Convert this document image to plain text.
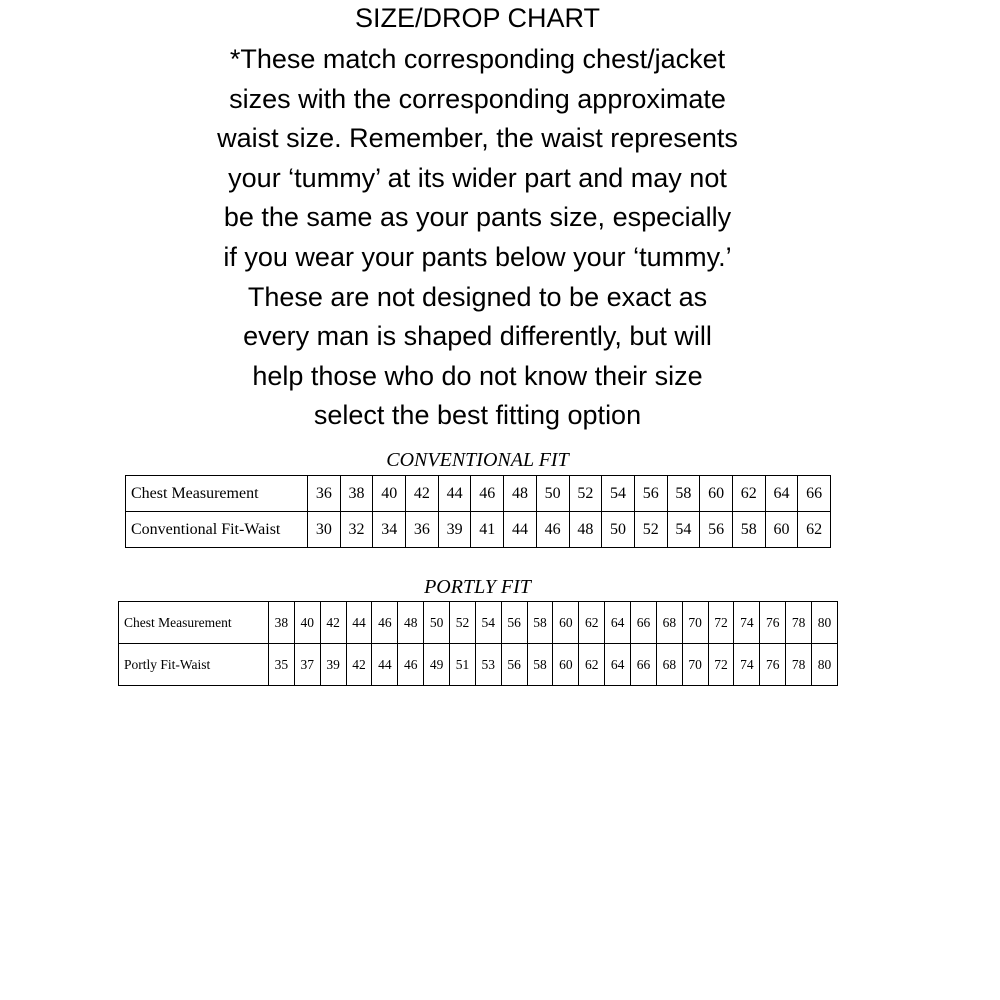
SIZE/DROP CHART

*These match corresponding chest/jacket
sizes with the corresponding approximate
waist size. Remember, the waist represents
your ‘tummy’ at its wider part and may not
be the same as your pants size, especially
if you wear your pants below your ‘tummy.’
These are not designed to be exact as
every man is shaped differently, but will
help those who do not know their size
select the best fitting option

CONVENTIONAL FIT
Chest Measurement	36	38	40	42	44	46	48	50	52	54	56	58	60	62	64	66
Conventional Fit-Waist	30	32	34	36	39	41	44	46	48	50	52	54	56	58	60	62
PORTLY FIT
Chest Measurement	38	40	42	44	46	48	50	52	54	56	58	60	62	64	66	68	70	72	74	76	78	80
Portly Fit-Waist	35	37	39	42	44	46	49	51	53	56	58	60	62	64	66	68	70	72	74	76	78	80
